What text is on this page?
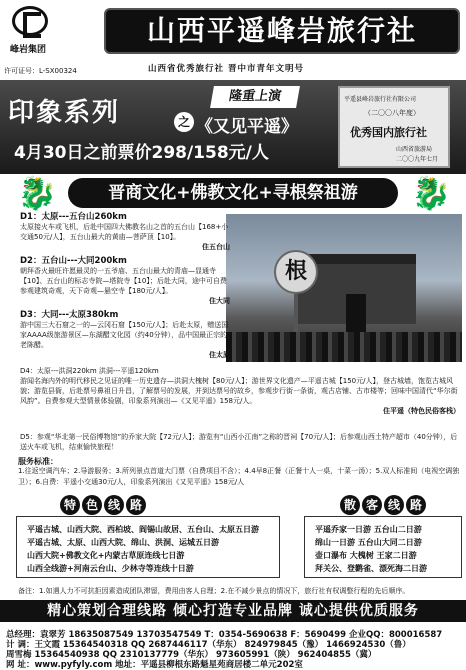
峰岩集团
许可证号：L-SX00324
山西平遥峰岩旅行社
山西省优秀旅行社 晋中市青年文明号
印象系列
隆重上演
之 《又见平遥》
4月30日之前票价298/158元/人
平遥县峰岩旅行社有限公司
（二〇〇八年度）
优秀国内旅行社
山西省旅游局
二〇〇九年七月
🐉	晋商文化+佛教文化+寻根祭祖游	🐉
根
D1：太原---五台山260km
太原接火车或飞机，后赴中国四大佛教名山之首的五台山【168+小交通50元/人】，五台山最大的黄庙—菩萨顶【10】。
住五台山
D2：五台山---大同200km
朝拜香火最旺许愿最灵的一五爷庙、五台山最大的青庙—显通寺【10】、五台山的标志寺院—塔院寺【10】；后赴大同，途中可自费参观建筑奇观，天下奇观—悬空寺【180元/人】。
住大同
D3：大同---太原380km
游中国三大石窟之一的—云冈石窟【150元/人】；后赴太原，赠送国家AAAA级旅游景区—东湖醋文化园（约40分钟），品中国最正宗的老陈醋。
住太原
D4：太原---洪洞220km 洪洞---平遥120km
游闻名海内外的明代移民之见证的唯一历史遗存—洪洞大槐树【80元/人】；游世界文化遗产—平遥古城【150元/人】，登古城墙，饱览古城风貌；游览县衙，后赴票号鼻祖日升昌，了解票号的发展，并到达票号的故乡，参观步行街一条街，观古店铺、古市楼等；回味中国清代“华尔街风韵”。自费参观大型情景体验剧，印象系列演出—《又见平遥》158元/人。
住平遥（特色民俗客栈）
D5：参观“华北第一民俗博物馆”的乔家大院【72元/人】；游览有“山西小江南”之称的晋祠【70元/人】；后参观山西土特产超市（40分钟），后送火车或飞机，结束愉快旅程！
服务标准：
1.往返空调汽车；2.导游服务；3.所列景点首道大门票（自费项目不含）；4.4早8正餐（正餐十人一桌，十菜一汤）；5.双人标准间（电视空调独卫）；6.自费：平遥小交通30元/人，印象系列演出《又见平遥》158元/人
特 色 线 路
平遥古城、山西大院、西柏坡、阎锡山故居、五台山、太原五日游
平遥古城、太原、山西大院、绵山、洪洞、运城五日游
山西大院+佛教文化+内蒙古草原连线七日游
山西全线游+河南云台山、少林寺等连线十日游
散 客 线 路
平遥乔家一日游 五台山二日游
绵山一日游 五台山大同二日游
壶口瀑布 大槐树 王家二日游
拜关公、登鹳雀、漂死海二日游
备注：1.如遇人力不可抗拒因素造成团队滞留，费用由客人自理；2.在不减少景点的情况下，旅行社有权调整行程的先后顺序。
精心策划合理线路 倾心打造专业品牌 诚心提供优质服务
总经理：袁翠芳 18635087549 13703547549 T：0354-5690638 F：5690499 企业QQ：800016587
计 调：王文霞 15364540318 QQ 2687446117（华东） 824979845（豫） 1466924530（鲁）
周雪梅 15364540938 QQ 2310137779（华东） 973605991（陕） 962404855（冀）
网 址：www.pyfyly.com 地址：平遥县柳根东路魁星苑商居楼二单元202室
